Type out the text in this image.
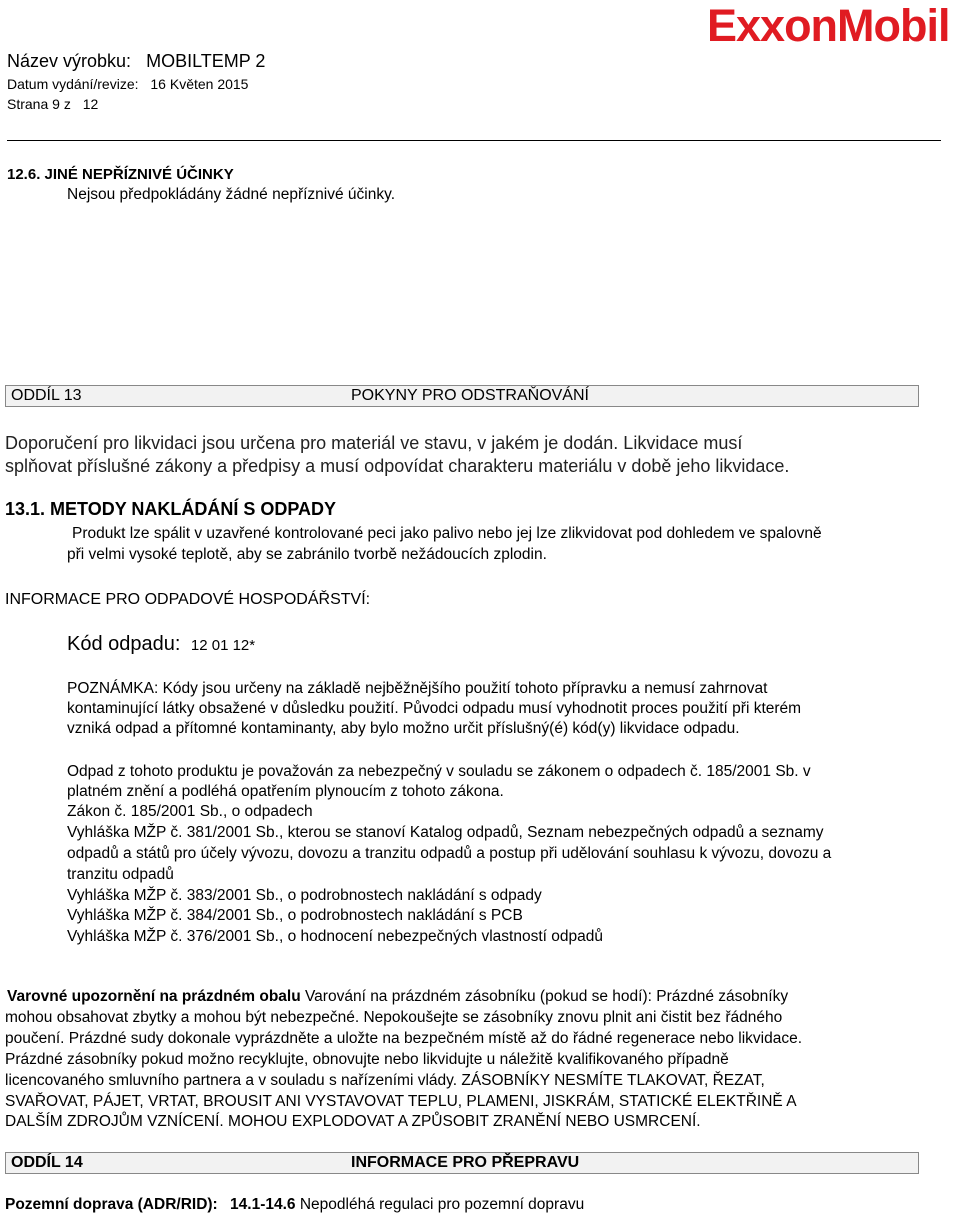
Název výrobku: MOBILTEMP 2
Datum vydání/revize: 16 Květen 2015
Strana 9 z 12
ExxonMobil
12.6. JINÉ NEPŘÍZNIVÉ ÚČINKY
Nejsou předpokládány žádné nepříznivé účinky.
ODDÍL 13	POKYNY PRO ODSTRAŇOVÁNÍ
Doporučení pro likvidaci jsou určena pro materiál ve stavu, v jakém je dodán. Likvidace musí
splňovat příslušné zákony a předpisy a musí odpovídat charakteru materiálu v době jeho likvidace.
13.1. METODY NAKLÁDÁNÍ S ODPADY
Produkt lze spálit v uzavřené kontrolované peci jako palivo nebo jej lze zlikvidovat pod dohledem ve spalovně
při velmi vysoké teplotě, aby se zabránilo tvorbě nežádoucích zplodin.
INFORMACE PRO ODPADOVÉ HOSPODÁŘSTVÍ:
Kód odpadu: 12 01 12*
POZNÁMKA: Kódy jsou určeny na základě nejběžnějšího použití tohoto přípravku a nemusí zahrnovat
kontaminující látky obsažené v důsledku použití. Původci odpadu musí vyhodnotit proces použití při kterém
vzniká odpad a přítomné kontaminanty, aby bylo možno určit příslušný(é) kód(y) likvidace odpadu.
Odpad z tohoto produktu je považován za nebezpečný v souladu se zákonem o odpadech č. 185/2001 Sb. v
platném znění a podléhá opatřením plynoucím z tohoto zákona.
Zákon č. 185/2001 Sb., o odpadech
Vyhláška MŽP č. 381/2001 Sb., kterou se stanoví Katalog odpadů, Seznam nebezpečných odpadů a seznamy
odpadů a států pro účely vývozu, dovozu a tranzitu odpadů a postup při udělování souhlasu k vývozu, dovozu a
tranzitu odpadů
Vyhláška MŽP č. 383/2001 Sb., o podrobnostech nakládání s odpady
Vyhláška MŽP č. 384/2001 Sb., o podrobnostech nakládání s PCB
Vyhláška MŽP č. 376/2001 Sb., o hodnocení nebezpečných vlastností odpadů
Varovné upozornění na prázdném obalu Varování na prázdném zásobníku (pokud se hodí): Prázdné zásobníky
mohou obsahovat zbytky a mohou být nebezpečné. Nepokoušejte se zásobníky znovu plnit ani čistit bez řádného
poučení. Prázdné sudy dokonale vyprázdněte a uložte na bezpečném místě až do řádné regenerace nebo likvidace.
Prázdné zásobníky pokud možno recyklujte, obnovujte nebo likvidujte u náležitě kvalifikovaného případně
licencovaného smluvního partnera a v souladu s nařízeními vlády. ZÁSOBNÍKY NESMÍTE TLAKOVAT, ŘEZAT,
SVAŘOVAT, PÁJET, VRTAT, BROUSIT ANI VYSTAVOVAT TEPLU, PLAMENI, JISKRÁM, STATICKÉ ELEKTŘINĚ A
DALŠÍM ZDROJŮM VZNÍCENÍ. MOHOU EXPLODOVAT A ZPŮSOBIT ZRANĚNÍ NEBO USMRCENÍ.
ODDÍL 14	INFORMACE PRO PŘEPRAVU
Pozemní doprava (ADR/RID): 14.1-14.6 Nepodléhá regulaci pro pozemní dopravu
